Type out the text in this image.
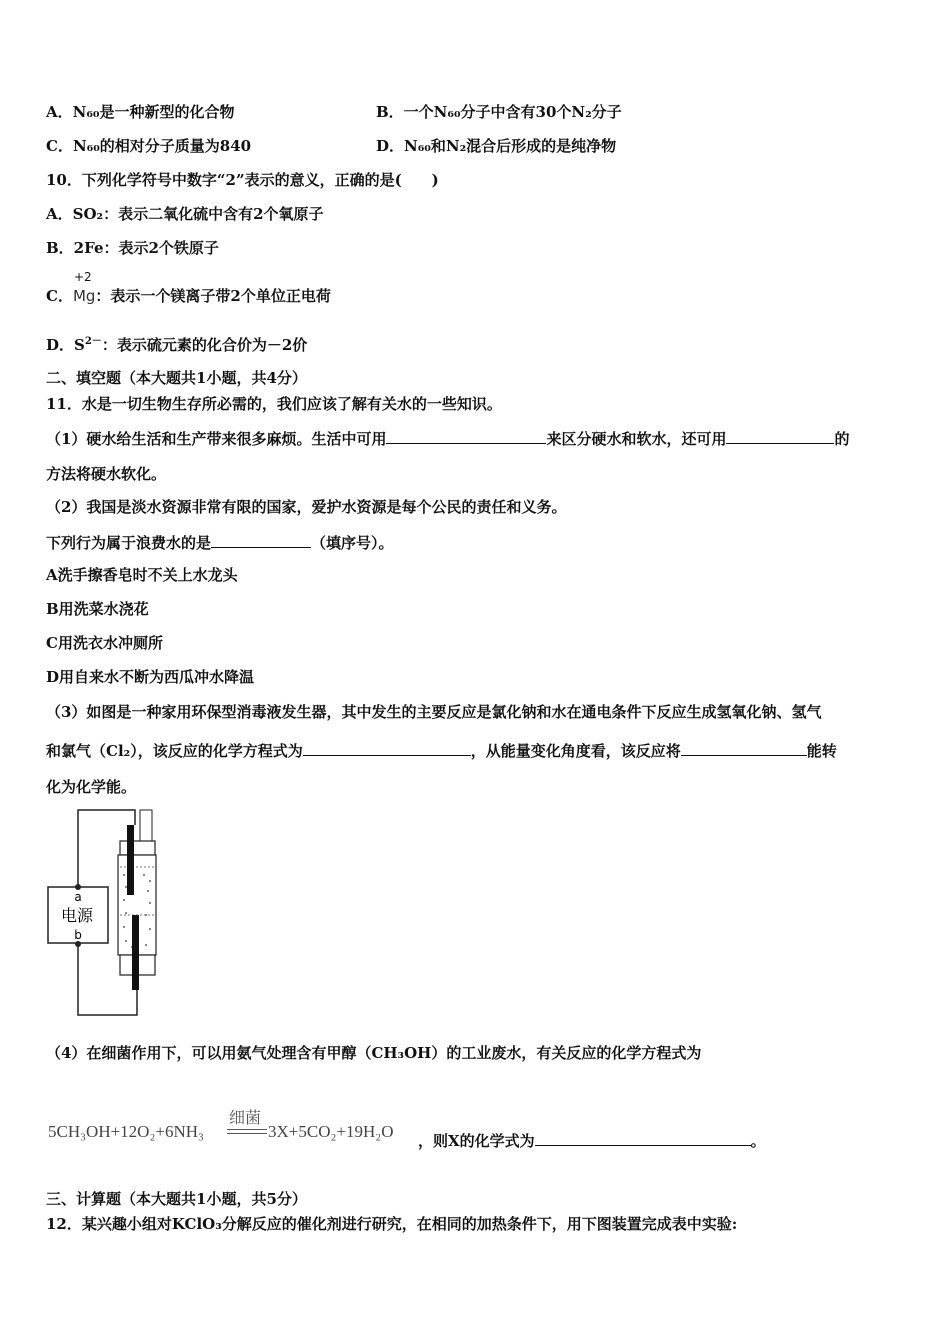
A．N₆₀是一种新型的化合物	B．一个N₆₀分子中含有30个N₂分子
C．N₆₀的相对分子质量为840	D．N₆₀和N₂混合后形成的是纯净物
10．下列化学符号中数字“2”表示的意义，正确的是(　　)
A．SO₂：表示二氧化硫中含有2个氧原子
B．2Fe：表示2个铁原子
C．
+2
Mg：表示一个镁离子带2个单位正电荷
D．$S^{2-}$：表示硫元素的化合价为－2价
二、填空题（本大题共1小题，共4分）
11．水是一切生物生存所必需的，我们应该了解有关水的一些知识。
（1）硬水给生活和生产带来很多麻烦。生活中可用	来区分硬水和软水，还可用	的
方法将硬水软化。
（2）我国是淡水资源非常有限的国家，爱护水资源是每个公民的责任和义务。
下列行为属于浪费水的是	（填序号）。
A洗手擦香皂时不关上水龙头
B用洗菜水浇花
C用洗衣水冲厕所
D用自来水不断为西瓜冲水降温
（3）如图是一种家用环保型消毒液发生器，其中发生的主要反应是氯化钠和水在通电条件下反应生成氢氧化钠、氢气
和氯气（Cl₂），该反应的化学方程式为	，从能量变化角度看，该反应将	能转
化为化学能。
a
电源
b
（4）在细菌作用下，可以用氨气处理含有甲醇（CH₃OH）的工业废水，有关反应的化学方程式为
细菌
5CH₃OH+12O₂+6NH₃	3X+5CO₂+19H₂O ，则X的化学式为	。
三、计算题（本大题共1小题，共5分）
12．某兴趣小组对KClO₃分解反应的催化剂进行研究，在相同的加热条件下，用下图装置完成表中实验:
